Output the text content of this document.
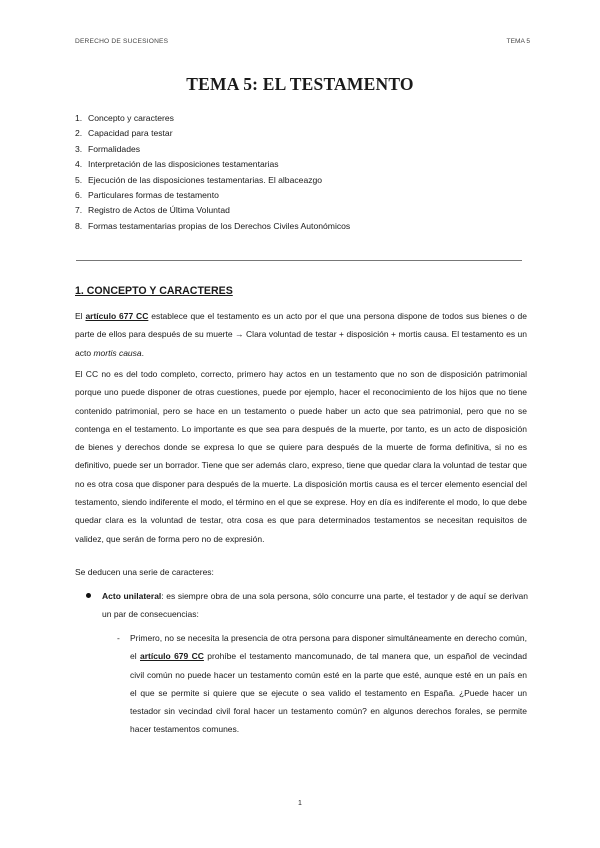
DERECHO DE SUCESIONES	TEMA 5
TEMA 5: EL TESTAMENTO
1. Concepto y caracteres
2. Capacidad para testar
3. Formalidades
4. Interpretación de las disposiciones testamentarias
5. Ejecución de las disposiciones testamentarias. El albaceazgo
6. Particulares formas de testamento
7. Registro de Actos de Última Voluntad
8. Formas testamentarias propias de los Derechos Civiles Autonómicos
1. CONCEPTO Y CARACTERES

El artículo 677 CC establece que el testamento es un acto por el que una persona dispone de todos sus bienes o de parte de ellos para después de su muerte → Clara voluntad de testar + disposición + mortis causa. El testamento es un acto mortis causa.

El CC no es del todo completo, correcto, primero hay actos en un testamento que no son de disposición patrimonial porque uno puede disponer de otras cuestiones, puede por ejemplo, hacer el reconocimiento de los hijos que no tiene contenido patrimonial, pero se hace en un testamento o puede haber un acto que sea patrimonial, pero que no se contenga en el testamento. Lo importante es que sea para después de la muerte, por tanto, es un acto de disposición de bienes y derechos donde se expresa lo que se quiere para después de la muerte de forma definitiva, si no es definitivo, puede ser un borrador. Tiene que ser además claro, expreso, tiene que quedar clara la voluntad de testar que no es otra cosa que disponer para después de la muerte. La disposición mortis causa es el tercer elemento esencial del testamento, siendo indiferente el modo, el término en el que se exprese. Hoy en día es indiferente el modo, lo que debe quedar clara es la voluntad de testar, otra cosa es que para determinados testamentos se necesitan requisitos de validez, que serán de forma pero no de expresión.

Se deducen una serie de caracteres:

Acto unilateral: es siempre obra de una sola persona, sólo concurre una parte, el testador y de aquí se derivan un par de consecuencias:

- Primero, no se necesita la presencia de otra persona para disponer simultáneamente en derecho común, el artículo 679 CC prohíbe el testamento mancomunado, de tal manera que, un español de vecindad civil común no puede hacer un testamento común esté en la parte que esté, aunque esté en un país en el que se permite si quiere que se ejecute o sea valido el testamento en España. ¿Puede hacer un testador sin vecindad civil foral hacer un testamento común? en algunos derechos forales, se permite hacer testamentos comunes.

1
